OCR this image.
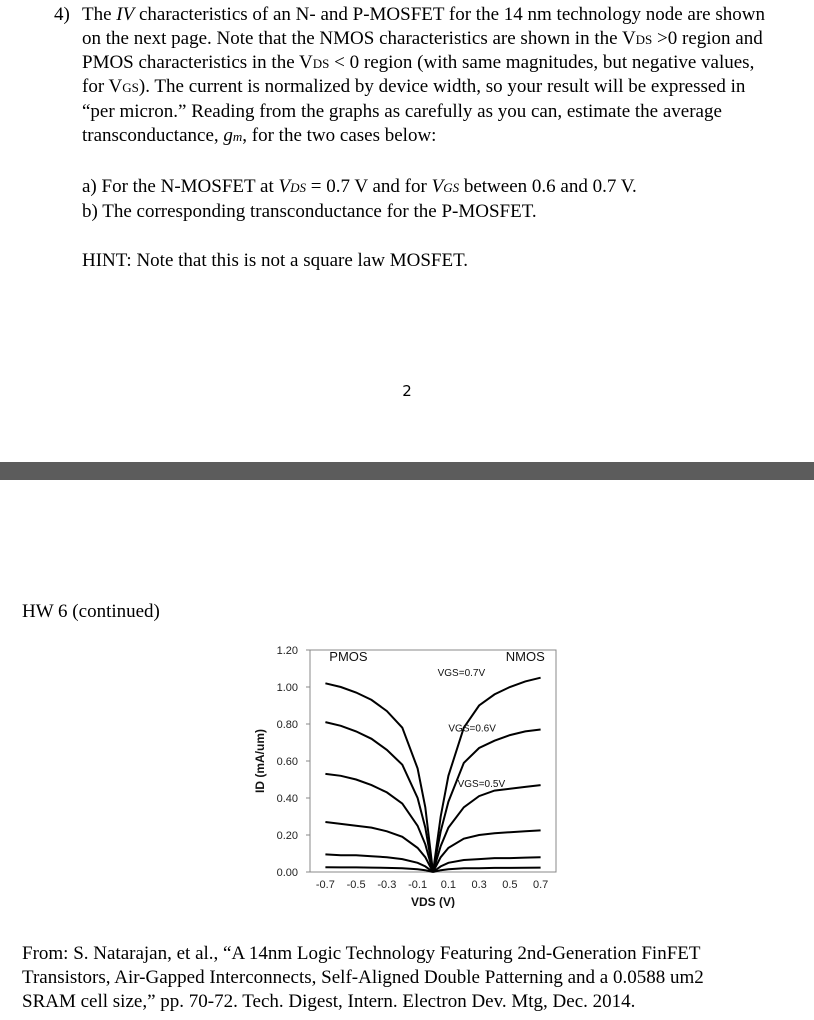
4) The IV characteristics of an N- and P-MOSFET for the 14 nm technology node are shown
on the next page. Note that the NMOS characteristics are shown in the VDS >0 region and
PMOS characteristics in the VDS < 0 region (with same magnitudes, but negative values,
for VGS). The current is normalized by device width, so your result will be expressed in
“per micron.” Reading from the graphs as carefully as you can, estimate the average
transconductance, gm, for the two cases below:
a) For the N-MOSFET at VDS = 0.7 V and for VGS between 0.6 and 0.7 V.
b) The corresponding transconductance for the P-MOSFET.
HINT: Note that this is not a square law MOSFET.
2
HW 6 (continued)
0.00
0.20
0.40
0.60
0.80
1.00
1.20
-0.7 -0.5 -0.3 -0.1 0.1 0.3 0.5 0.7
VDS (V)
ID (mA/um)
PMOS	NMOS
VGS=0.7V
VGS=0.6V
VGS=0.5V
From: S. Natarajan, et al., “A 14nm Logic Technology Featuring 2nd-Generation FinFET
Transistors, Air-Gapped Interconnects, Self-Aligned Double Patterning and a 0.0588 um2
SRAM cell size,” pp. 70-72. Tech. Digest, Intern. Electron Dev. Mtg, Dec. 2014.
